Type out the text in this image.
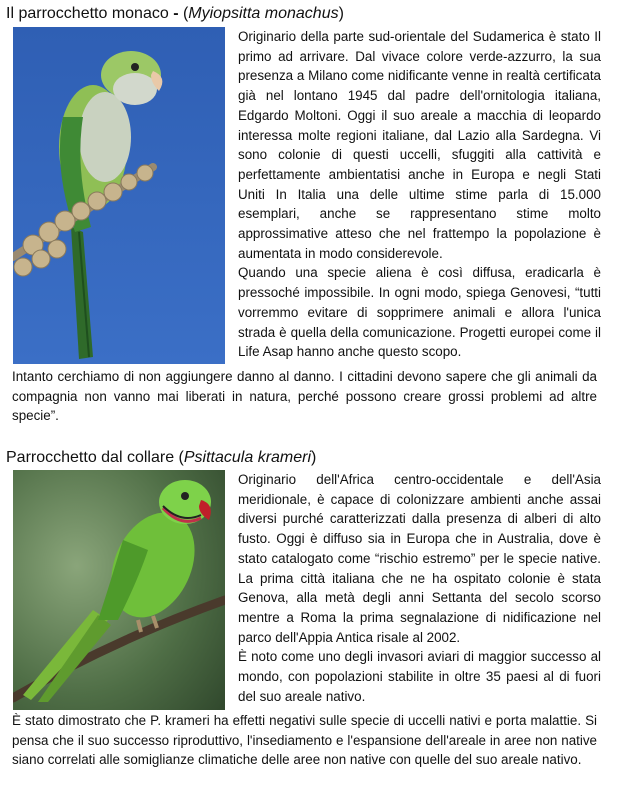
Il parrocchetto monaco - (Myiopsitta monachus)

Originario della parte sud-orientale del Sudamerica è stato Il primo ad arrivare. Dal vivace colore verde-azzurro, la sua presenza a Milano come nidificante venne in realtà certificata già nel lontano 1945 dal padre dell'ornitologia italiana, Edgardo Moltoni. Oggi il suo areale a macchia di leopardo interessa molte regioni italiane, dal Lazio alla Sardegna. Vi sono colonie di questi uccelli, sfuggiti alla cattività e perfettamente ambientatisi anche in Europa e negli Stati Uniti In Italia una delle ultime stime parla di 15.000 esemplari, anche se rappresentano stime molto approssimative atteso che nel frattempo la popolazione è aumentata in modo considerevole.

Quando una specie aliena è così diffusa, eradicarla è pressoché impossibile. In ogni modo, spiega Genovesi, “tutti vorremmo evitare di sopprimere animali e allora l'unica strada è quella della comunicazione. Progetti europei come il Life Asap hanno anche questo scopo.

Intanto cerchiamo di non aggiungere danno al danno. I cittadini devono sapere che gli animali da compagnia non vanno mai liberati in natura, perché possono creare grossi problemi ad altre specie”.

Parrocchetto dal collare (Psittacula krameri)

Originario dell'Africa centro-occidentale e dell'Asia meridionale, è capace di colonizzare ambienti anche assai diversi purché caratterizzati dalla presenza di alberi di alto fusto. Oggi è diffuso sia in Europa che in Australia, dove è stato catalogato come “rischio estremo” per le specie native. La prima città italiana che ne ha ospitato colonie è stata Genova, alla metà degli anni Settanta del secolo scorso mentre a Roma la prima segnalazione di nidificazione nel parco dell'Appia Antica risale al 2002.

È noto come uno degli invasori aviari di maggior successo al mondo, con popolazioni stabilite in oltre 35 paesi al di fuori del suo areale nativo.

È stato dimostrato che P. krameri ha effetti negativi sulle specie di uccelli nativi e porta malattie. Si pensa che il suo successo riproduttivo, l'insediamento e l'espansione dell'areale in aree non native siano correlati alle somiglianze climatiche delle aree non native con quelle del suo areale nativo.
